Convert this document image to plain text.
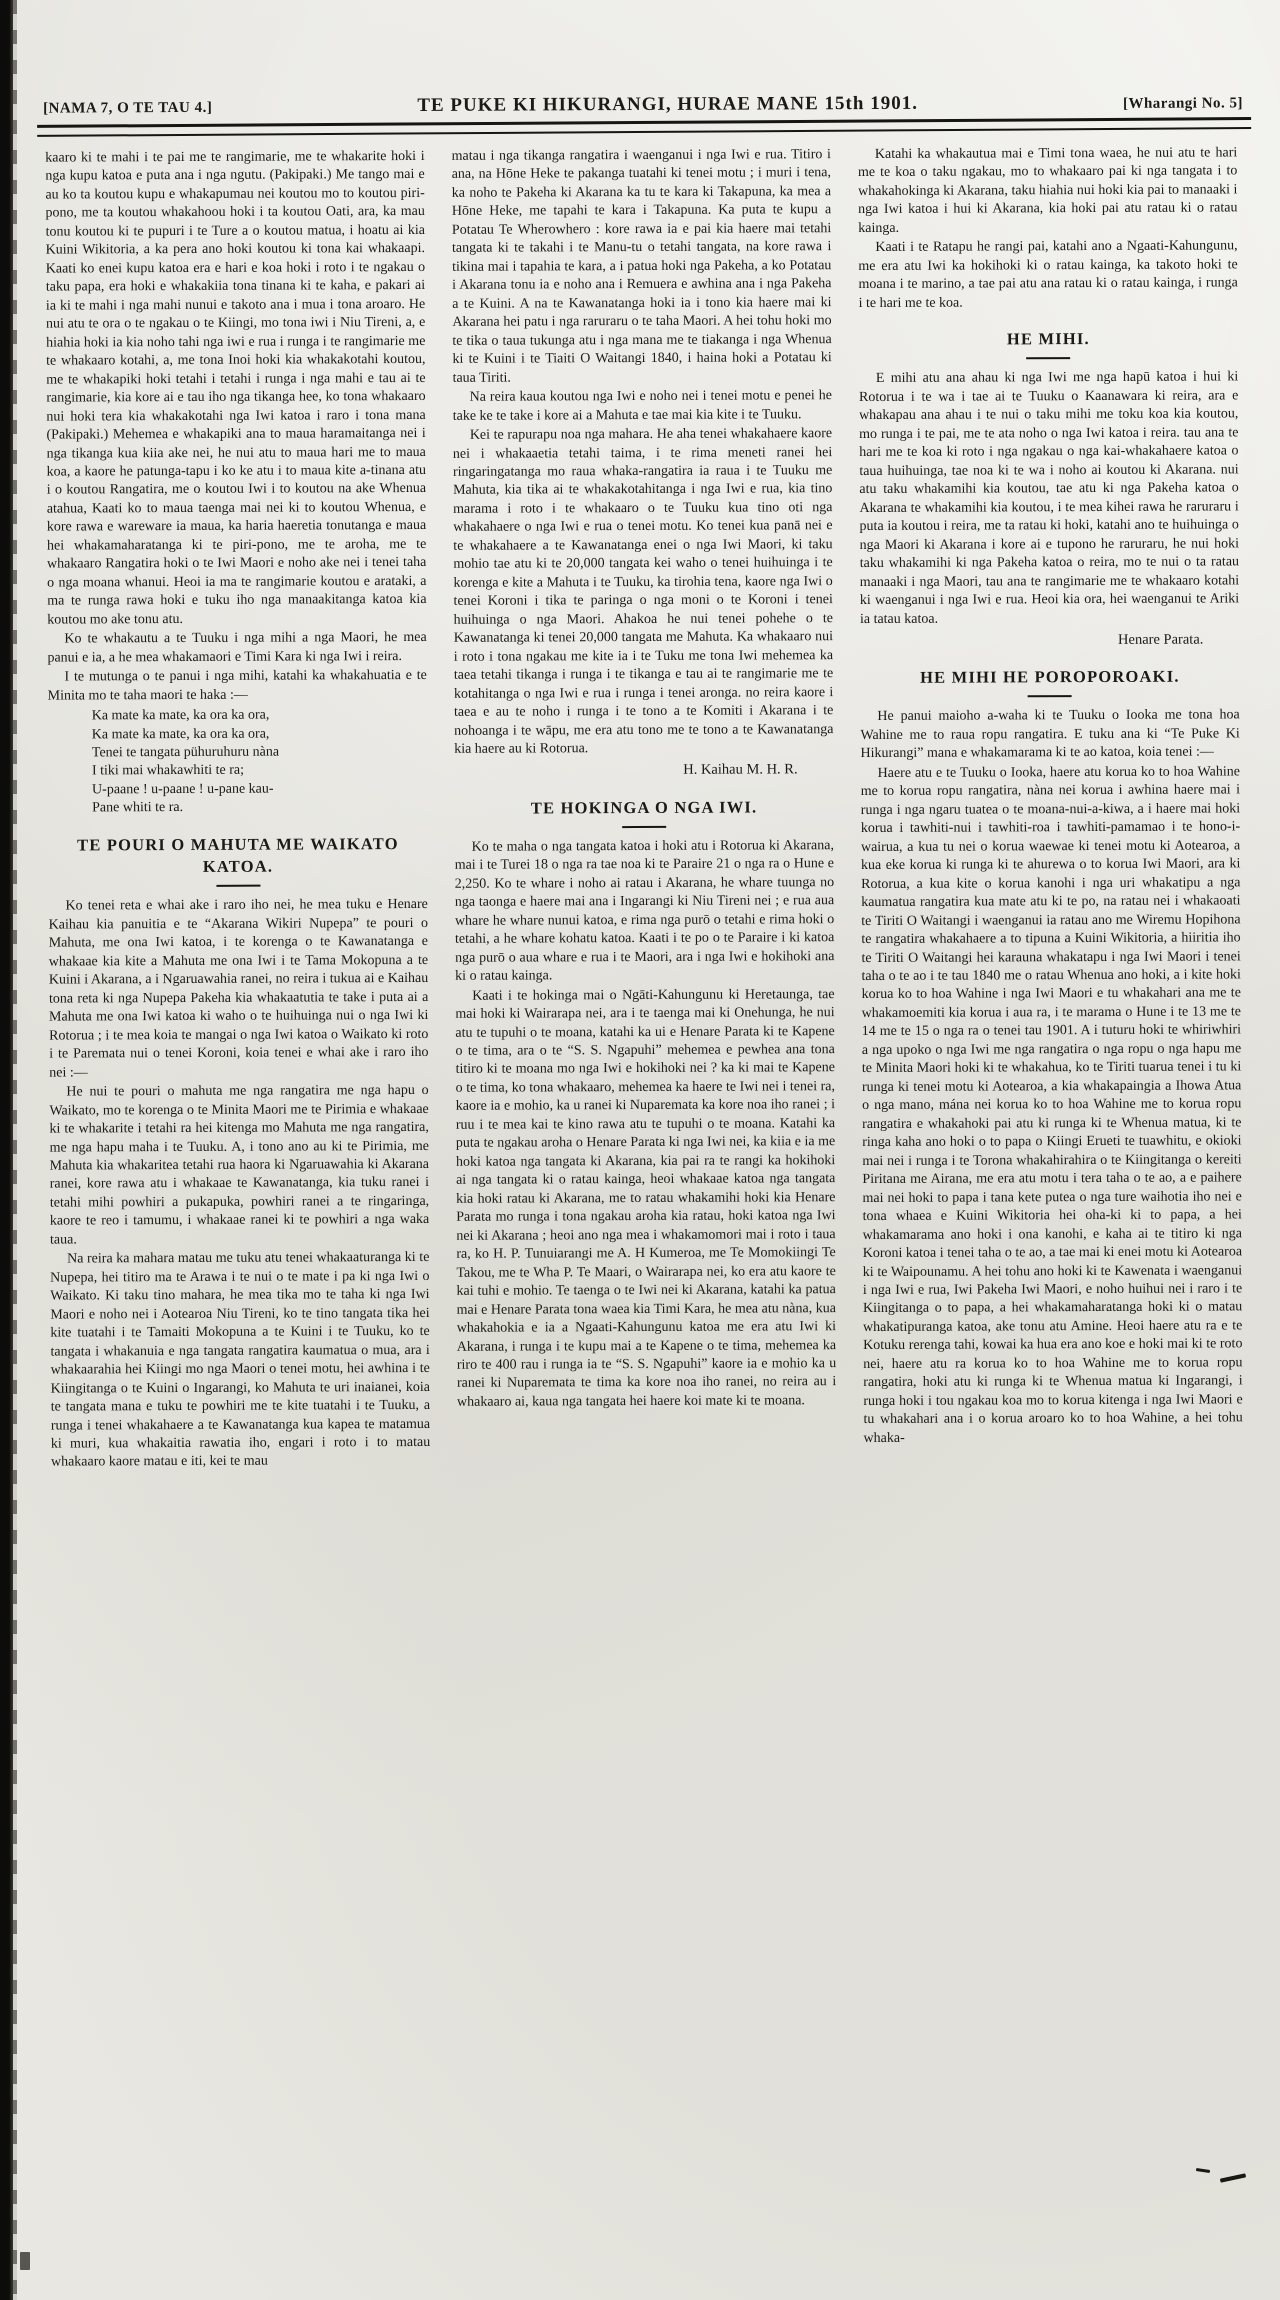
[NAMA 7, O TE TAU 4.]	TE PUKE KI HIKURANGI, HURAE MANE 15th 1901.	[Wharangi No. 5]

kaaro ki te mahi i te pai me te rangimarie, me te whakarite hoki i nga kupu katoa e puta ana i nga ngutu. (Pakipaki.) Me tango mai e au ko ta koutou kupu e whakapumau nei koutou mo to koutou piri-pono, me ta koutou whakahoou hoki i ta koutou Oati, ara, ka mau tonu koutou ki te pupuri i te Ture a o koutou matua, i hoatu ai kia Kuini Wikitoria, a ka pera ano hoki koutou ki tona kai whakaapi. Kaati ko enei kupu katoa era e hari e koa hoki i roto i te ngakau o taku papa, era hoki e whakakiia tona tinana ki te kaha, e pakari ai ia ki te mahi i nga mahi nunui e takoto ana i mua i tona aroaro. He nui atu te ora o te ngakau o te Kiingi, mo tona iwi i Niu Tireni, a, e hiahia hoki ia kia noho tahi nga iwi e rua i runga i te rangimarie me te whakaaro kotahi, a, me tona Inoi hoki kia whakakotahi koutou, me te whakapiki hoki tetahi i tetahi i runga i nga mahi e tau ai te rangimarie, kia kore ai e tau iho nga tikanga hee, ko tona whakaaro nui hoki tera kia whakakotahi nga Iwi katoa i raro i tona mana (Pakipaki.) Mehemea e whakapiki ana to maua haramaitanga nei i nga tikanga kua kiia ake nei, he nui atu to maua hari me to maua koa, a kaore he patunga-tapu i ko ke atu i to maua kite a-tinana atu i o koutou Rangatira, me o koutou Iwi i to koutou na ake Whenua atahua, Kaati ko to maua taenga mai nei ki to koutou Whenua, e kore rawa e wareware ia maua, ka haria haeretia tonutanga e maua hei whakamaharatanga ki te piri-pono, me te aroha, me te whakaaro Rangatira hoki o te Iwi Maori e noho ake nei i tenei taha o nga moana whanui. Heoi ia ma te rangimarie koutou e arataki, a ma te runga rawa hoki e tuku iho nga manaakitanga katoa kia koutou mo ake tonu atu.

Ko te whakautu a te Tuuku i nga mihi a nga Maori, he mea panui e ia, a he mea whakamaori e Timi Kara ki nga Iwi i reira.

I te mutunga o te panui i nga mihi, katahi ka whakahuatia e te Minita mo te taha maori te haka :—

Ka mate ka mate, ka ora ka ora,
Ka mate ka mate, ka ora ka ora,
Tenei te tangata pühuruhuru nàna
I tiki mai whakawhiti te ra;
U-paane ! u-paane ! u-pane kau-
Pane whiti te ra.
TE POURI O MAHUTA ME WAIKATO KATOA.

Ko tenei reta e whai ake i raro iho nei, he mea tuku e Henare Kaihau kia panuitia e te “Akarana Wikiri Nupepa” te pouri o Mahuta, me ona Iwi katoa, i te korenga o te Kawanatanga e whakaae kia kite a Mahuta me ona Iwi i te Tama Mokopuna a te Kuini i Akarana, a i Ngaruawahia ranei, no reira i tukua ai e Kaihau tona reta ki nga Nupepa Pakeha kia whakaatutia te take i puta ai a Mahuta me ona Iwi katoa ki waho o te huihuinga nui o nga Iwi ki Rotorua ; i te mea koia te mangai o nga Iwi katoa o Waikato ki roto i te Paremata nui o tenei Koroni, koia tenei e whai ake i raro iho nei :—

He nui te pouri o mahuta me nga rangatira me nga hapu o Waikato, mo te korenga o te Minita Maori me te Pirimia e whakaae ki te whakarite i tetahi ra hei kitenga mo Mahuta me nga rangatira, me nga hapu maha i te Tuuku. A, i tono ano au ki te Pirimia, me Mahuta kia whakaritea tetahi rua haora ki Ngaruawahia ki Akarana ranei, kore rawa atu i whakaae te Kawanatanga, kia tuku ranei i tetahi mihi powhiri a pukapuka, powhiri ranei a te ringaringa, kaore te reo i tamumu, i whakaae ranei ki te powhiri a nga waka taua.

Na reira ka mahara matau me tuku atu tenei whakaaturanga ki te Nupepa, hei titiro ma te Arawa i te nui o te mate i pa ki nga Iwi o Waikato. Ki taku tino mahara, he mea tika mo te taha ki nga Iwi Maori e noho nei i Aotearoa Niu Tireni, ko te tino tangata tika hei kite tuatahi i te Tamaiti Mokopuna a te Kuini i te Tuuku, ko te tangata i whakanuia e nga tangata rangatira kaumatua o mua, ara i whakaarahia hei Kiingi mo nga Maori o tenei motu, hei awhina i te Kiingitanga o te Kuini o Ingarangi, ko Mahuta te uri inaianei, koia te tangata mana e tuku te powhiri me te kite tuatahi i te Tuuku, a runga i tenei whakahaere a te Kawanatanga kua kapea te matamua ki muri, kua whakaitia rawatia iho, engari i roto i to matau whakaaro kaore matau e iti, kei te mau

matau i nga tikanga rangatira i waenganui i nga Iwi e rua. Titiro i ana, na Hōne Heke te pakanga tuatahi ki tenei motu ; i muri i tena, ka noho te Pakeha ki Akarana ka tu te kara ki Takapuna, ka mea a Hōne Heke, me tapahi te kara i Takapuna. Ka puta te kupu a Potatau Te Wherowhero : kore rawa ia e pai kia haere mai tetahi tangata ki te takahi i te Manu-tu o tetahi tangata, na kore rawa i tikina mai i tapahia te kara, a i patua hoki nga Pakeha, a ko Potatau i Akarana tonu ia e noho ana i Remuera e awhina ana i nga Pakeha a te Kuini. A na te Kawanatanga hoki ia i tono kia haere mai ki Akarana hei patu i nga raruraru o te taha Maori. A hei tohu hoki mo te tika o taua tukunga atu i nga mana me te tiakanga i nga Whenua ki te Kuini i te Tiaiti O Waitangi 1840, i haina hoki a Potatau ki taua Tiriti.

Na reira kaua koutou nga Iwi e noho nei i tenei motu e penei he take ke te take i kore ai a Mahuta e tae mai kia kite i te Tuuku.

Kei te rapurapu noa nga mahara. He aha tenei whakahaere kaore nei i whakaaetia tetahi taima, i te rima meneti ranei hei ringaringatanga mo raua whaka-rangatira ia raua i te Tuuku me Mahuta, kia tika ai te whakakotahitanga i nga Iwi e rua, kia tino marama i roto i te whakaaro o te Tuuku kua tino oti nga whakahaere o nga Iwi e rua o tenei motu. Ko tenei kua panā nei e te whakahaere a te Kawanatanga enei o nga Iwi Maori, ki taku mohio tae atu ki te 20,000 tangata kei waho o tenei huihuinga i te korenga e kite a Mahuta i te Tuuku, ka tirohia tena, kaore nga Iwi o tenei Koroni i tika te paringa o nga moni o te Koroni i tenei huihuinga o nga Maori. Ahakoa he nui tenei pohehe o te Kawanatanga ki tenei 20,000 tangata me Mahuta. Ka whakaaro nui i roto i tona ngakau me kite ia i te Tuku me tona Iwi mehemea ka taea tetahi tikanga i runga i te tikanga e tau ai te rangimarie me te kotahitanga o nga Iwi e rua i runga i tenei aronga. no reira kaore i taea e au te noho i runga i te tono a te Komiti i Akarana i te nohoanga i te wāpu, me era atu tono me te tono a te Kawanatanga kia haere au ki Rotorua.

H. Kaihau M. H. R.

TE HOKINGA O NGA IWI.

Ko te maha o nga tangata katoa i hoki atu i Rotorua ki Akarana, mai i te Turei 18 o nga ra tae noa ki te Paraire 21 o nga ra o Hune e 2,250. Ko te whare i noho ai ratau i Akarana, he whare tuunga no nga taonga e haere mai ana i Ingarangi ki Niu Tireni nei ; e rua aua whare he whare nunui katoa, e rima nga purō o tetahi e rima hoki o tetahi, a he whare kohatu katoa. Kaati i te po o te Paraire i ki katoa nga purō o aua whare e rua i te Maori, ara i nga Iwi e hokihoki ana ki o ratau kainga.

Kaati i te hokinga mai o Ngāti-Kahungunu ki Heretaunga, tae mai hoki ki Wairarapa nei, ara i te taenga mai ki Onehunga, he nui atu te tupuhi o te moana, katahi ka ui e Henare Parata ki te Kapene o te tima, ara o te “S. S. Ngapuhi” mehemea e pewhea ana tona titiro ki te moana mo nga Iwi e hokihoki nei ? ka ki mai te Kapene o te tima, ko tona whakaaro, mehemea ka haere te Iwi nei i tenei ra, kaore ia e mohio, ka u ranei ki Nuparemata ka kore noa iho ranei ; i ruu i te mea kai te kino rawa atu te tupuhi o te moana. Katahi ka puta te ngakau aroha o Henare Parata ki nga Iwi nei, ka kiia e ia me hoki katoa nga tangata ki Akarana, kia pai ra te rangi ka hokihoki ai nga tangata ki o ratau kainga, heoi whakaae katoa nga tangata kia hoki ratau ki Akarana, me to ratau whakamihi hoki kia Henare Parata mo runga i tona ngakau aroha kia ratau, hoki katoa nga Iwi nei ki Akarana ; heoi ano nga mea i whakamomori mai i roto i taua ra, ko H. P. Tunuiarangi me A. H Kumeroa, me Te Momokiingi Te Takou, me te Wha P. Te Maari, o Wairarapa nei, ko era atu kaore te kai tuhi e mohio. Te taenga o te Iwi nei ki Akarana, katahi ka patua mai e Henare Parata tona waea kia Timi Kara, he mea atu nàna, kua whakahokia e ia a Ngaati-Kahungunu katoa me era atu Iwi ki Akarana, i runga i te kupu mai a te Kapene o te tima, mehemea ka riro te 400 rau i runga ia te “S. S. Ngapuhi” kaore ia e mohio ka u ranei ki Nuparemata te tima ka kore noa iho ranei, no reira au i whakaaro ai, kaua nga tangata hei haere koi mate ki te moana.

Katahi ka whakautua mai e Timi tona waea, he nui atu te hari me te koa o taku ngakau, mo to whakaaro pai ki nga tangata i to whakahokinga ki Akarana, taku hiahia nui hoki kia pai to manaaki i nga Iwi katoa i hui ki Akarana, kia hoki pai atu ratau ki o ratau kainga.

Kaati i te Ratapu he rangi pai, katahi ano a Ngaati-Kahungunu, me era atu Iwi ka hokihoki ki o ratau kainga, ka takoto hoki te moana i te marino, a tae pai atu ana ratau ki o ratau kainga, i runga i te hari me te koa.

HE MIHI.

E mihi atu ana ahau ki nga Iwi me nga hapū katoa i hui ki Rotorua i te wa i tae ai te Tuuku o Kaanawara ki reira, ara e whakapau ana ahau i te nui o taku mihi me toku koa kia koutou, mo runga i te pai, me te ata noho o nga Iwi katoa i reira. tau ana te hari me te koa ki roto i nga ngakau o nga kai-whakahaere katoa o taua huihuinga, tae noa ki te wa i noho ai koutou ki Akarana. nui atu taku whakamihi kia koutou, tae atu ki nga Pakeha katoa o Akarana te whakamihi kia koutou, i te mea kihei rawa he raruraru i puta ia koutou i reira, me ta ratau ki hoki, katahi ano te huihuinga o nga Maori ki Akarana i kore ai e tupono he raruraru, he nui hoki taku whakamihi ki nga Pakeha katoa o reira, mo te nui o ta ratau manaaki i nga Maori, tau ana te rangimarie me te whakaaro kotahi ki waenganui i nga Iwi e rua. Heoi kia ora, hei waenganui te Ariki ia tatau katoa.

Henare Parata.

HE MIHI HE POROPOROAKI.

He panui maioho a-waha ki te Tuuku o Iooka me tona hoa Wahine me to raua ropu rangatira. E tuku ana ki “Te Puke Ki Hikurangi” mana e whakamarama ki te ao katoa, koia tenei :—

Haere atu e te Tuuku o Iooka, haere atu korua ko to hoa Wahine me to korua ropu rangatira, nàna nei korua i awhina haere mai i runga i nga ngaru tuatea o te moana-nui-a-kiwa, a i haere mai hoki korua i tawhiti-nui i tawhiti-roa i tawhiti-pamamao i te hono-i-wairua, a kua tu nei o korua waewae ki tenei motu ki Aotearoa, a kua eke korua ki runga ki te ahurewa o to korua Iwi Maori, ara ki Rotorua, a kua kite o korua kanohi i nga uri whakatipu a nga kaumatua rangatira kua mate atu ki te po, na ratau nei i whakaoati te Tiriti O Waitangi i waenganui ia ratau ano me Wiremu Hopihona te rangatira whakahaere a to tipuna a Kuini Wikitoria, a hiiritia iho te Tiriti O Waitangi hei karauna whakatapu i nga Iwi Maori i tenei taha o te ao i te tau 1840 me o ratau Whenua ano hoki, a i kite hoki korua ko to hoa Wahine i nga Iwi Maori e tu whakahari ana me te whakamoemiti kia korua i aua ra, i te marama o Hune i te 13 me te 14 me te 15 o nga ra o tenei tau 1901. A i tuturu hoki te whiriwhiri a nga upoko o nga Iwi me nga rangatira o nga ropu o nga hapu me te Minita Maori hoki ki te whakahua, ko te Tiriti tuarua tenei i tu ki runga ki tenei motu ki Aotearoa, a kia whakapaingia a Ihowa Atua o nga mano, mána nei korua ko to hoa Wahine me to korua ropu rangatira e whakahoki pai atu ki runga ki te Whenua matua, ki te ringa kaha ano hoki o to papa o Kiingi Erueti te tuawhitu, e okioki mai nei i runga i te Torona whakahirahira o te Kiingitanga o kereiti Piritana me Airana, me era atu motu i tera taha o te ao, a e paihere mai nei hoki to papa i tana kete putea o nga ture waihotia iho nei e tona whaea e Kuini Wikitoria hei oha-ki ki to papa, a hei whakamarama ano hoki i ona kanohi, e kaha ai te titiro ki nga Koroni katoa i tenei taha o te ao, a tae mai ki enei motu ki Aotearoa ki te Waipounamu. A hei tohu ano hoki ki te Kawenata i waenganui i nga Iwi e rua, Iwi Pakeha Iwi Maori, e noho huihui nei i raro i te Kiingitanga o to papa, a hei whakamaharatanga hoki ki o matau whakatipuranga katoa, ake tonu atu Amine. Heoi haere atu ra e te Kotuku rerenga tahi, kowai ka hua era ano koe e hoki mai ki te roto nei, haere atu ra korua ko to hoa Wahine me to korua ropu rangatira, hoki atu ki runga ki te Whenua matua ki Ingarangi, i runga hoki i tou ngakau koa mo to korua kitenga i nga Iwi Maori e tu whakahari ana i o korua aroaro ko to hoa Wahine, a hei tohu whaka-
